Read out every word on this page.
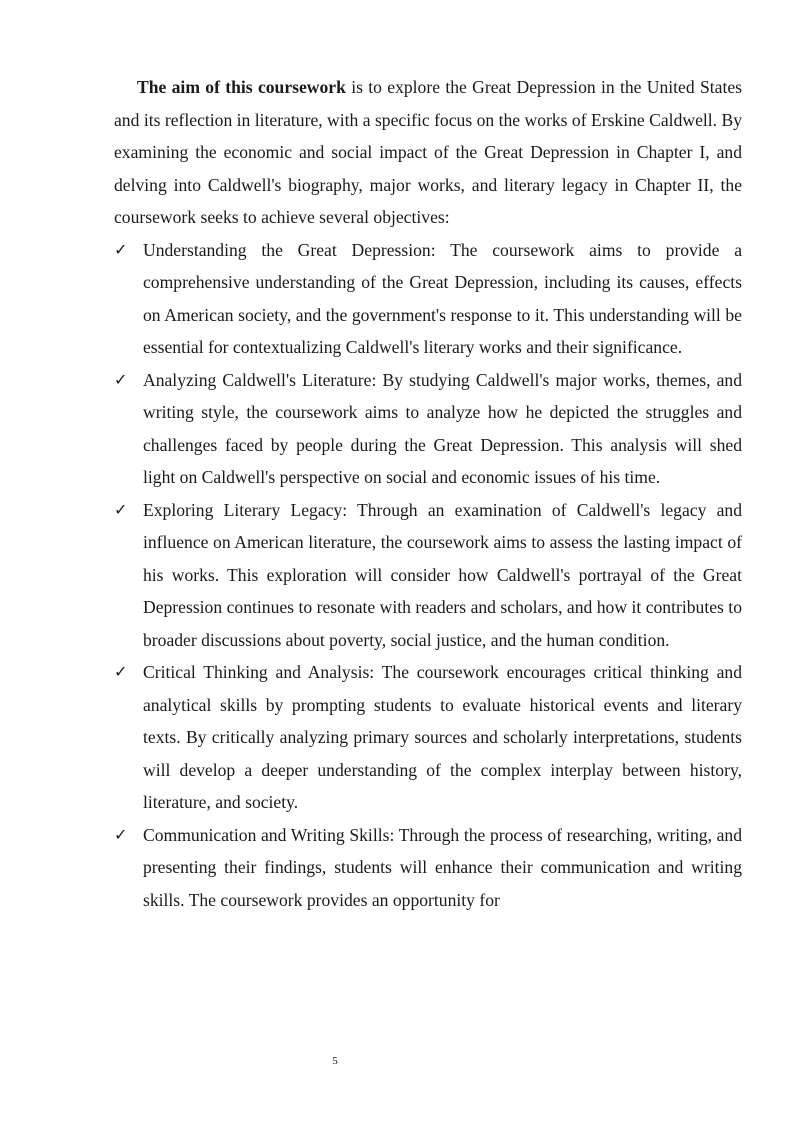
The aim of this coursework is to explore the Great Depression in the United States and its reflection in literature, with a specific focus on the works of Erskine Caldwell. By examining the economic and social impact of the Great Depression in Chapter I, and delving into Caldwell's biography, major works, and literary legacy in Chapter II, the coursework seeks to achieve several objectives:

✓ Understanding the Great Depression: The coursework aims to provide a comprehensive understanding of the Great Depression, including its causes, effects on American society, and the government's response to it. This understanding will be essential for contextualizing Caldwell's literary works and their significance.
✓ Analyzing Caldwell's Literature: By studying Caldwell's major works, themes, and writing style, the coursework aims to analyze how he depicted the struggles and challenges faced by people during the Great Depression. This analysis will shed light on Caldwell's perspective on social and economic issues of his time.
✓ Exploring Literary Legacy: Through an examination of Caldwell's legacy and influence on American literature, the coursework aims to assess the lasting impact of his works. This exploration will consider how Caldwell's portrayal of the Great Depression continues to resonate with readers and scholars, and how it contributes to broader discussions about poverty, social justice, and the human condition.
✓ Critical Thinking and Analysis: The coursework encourages critical thinking and analytical skills by prompting students to evaluate historical events and literary texts. By critically analyzing primary sources and scholarly interpretations, students will develop a deeper understanding of the complex interplay between history, literature, and society.
✓ Communication and Writing Skills: Through the process of researching, writing, and presenting their findings, students will enhance their communication and writing skills. The coursework provides an opportunity for
5
